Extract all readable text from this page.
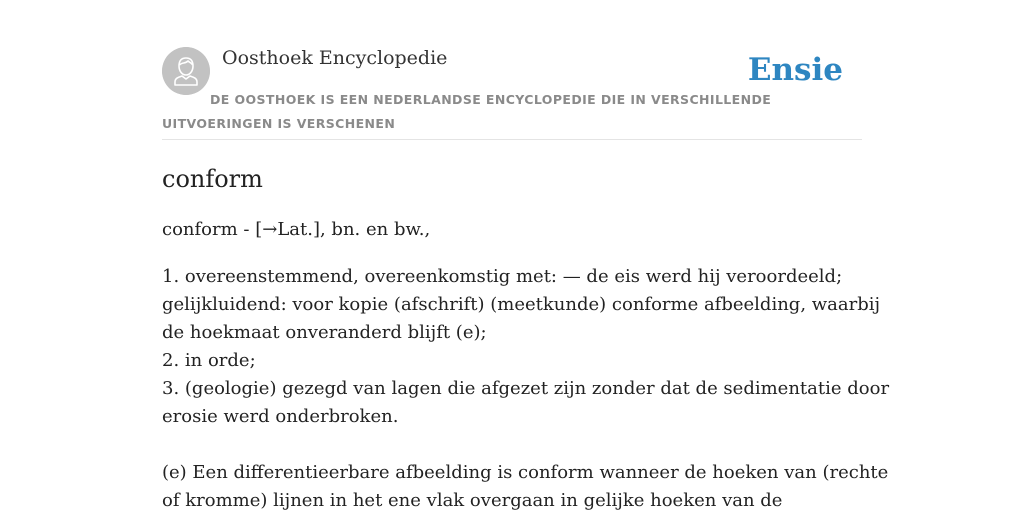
Oosthoek Encyclopedie	Ensie
DE OOSTHOEK IS EEN NEDERLANDSE ENCYCLOPEDIE DIE IN VERSCHILLENDE UITVOERINGEN IS VERSCHENEN
conform
conform - [→Lat.], bn. en bw.,
1. overeenstemmend, overeenkomstig met: — de eis werd hij veroordeeld;
gelijkluidend: voor kopie (afschrift) (meetkunde) conforme afbeelding, waarbij
de hoekmaat onveranderd blijft (e);
2. in orde;
3. (geologie) gezegd van lagen die afgezet zijn zonder dat de sedimentatie door
erosie werd onderbroken.
(e) Een differentieerbare afbeelding is conform wanneer de hoeken van (rechte
of kromme) lijnen in het ene vlak overgaan in gelijke hoeken van de
